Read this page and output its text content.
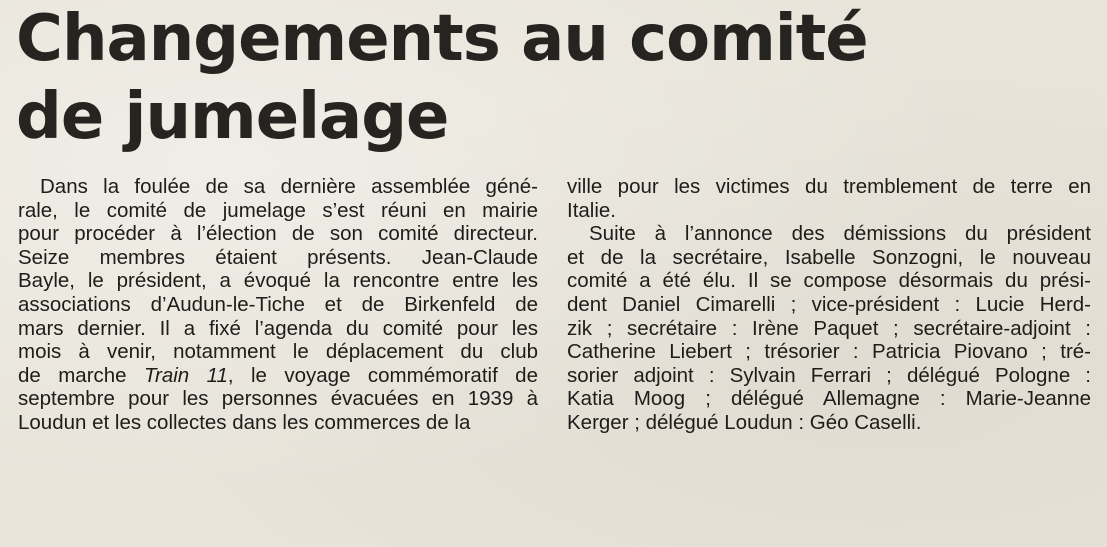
Changements au comité
de jumelage
Dans la foulée de sa dernière assemblée géné-
rale, le comité de jumelage s’est réuni en mairie
pour procéder à l’élection de son comité directeur.
Seize membres étaient présents. Jean-Claude
Bayle, le président, a évoqué la rencontre entre les
associations d’Audun-le-Tiche et de Birkenfeld de
mars dernier. Il a fixé l’agenda du comité pour les
mois à venir, notamment le déplacement du club
de marche Train 11, le voyage commémoratif de
septembre pour les personnes évacuées en 1939 à
Loudun et les collectes dans les commerces de la
ville pour les victimes du tremblement de terre en
Italie.
Suite à l’annonce des démissions du président
et de la secrétaire, Isabelle Sonzogni, le nouveau
comité a été élu. Il se compose désormais du prési-
dent Daniel Cimarelli ; vice-président : Lucie Herd-
zik ; secrétaire : Irène Paquet ; secrétaire-adjoint :
Catherine Liebert ; trésorier : Patricia Piovano ; tré-
sorier adjoint : Sylvain Ferrari ; délégué Pologne :
Katia Moog ; délégué Allemagne : Marie-Jeanne
Kerger ; délégué Loudun : Géo Caselli.
